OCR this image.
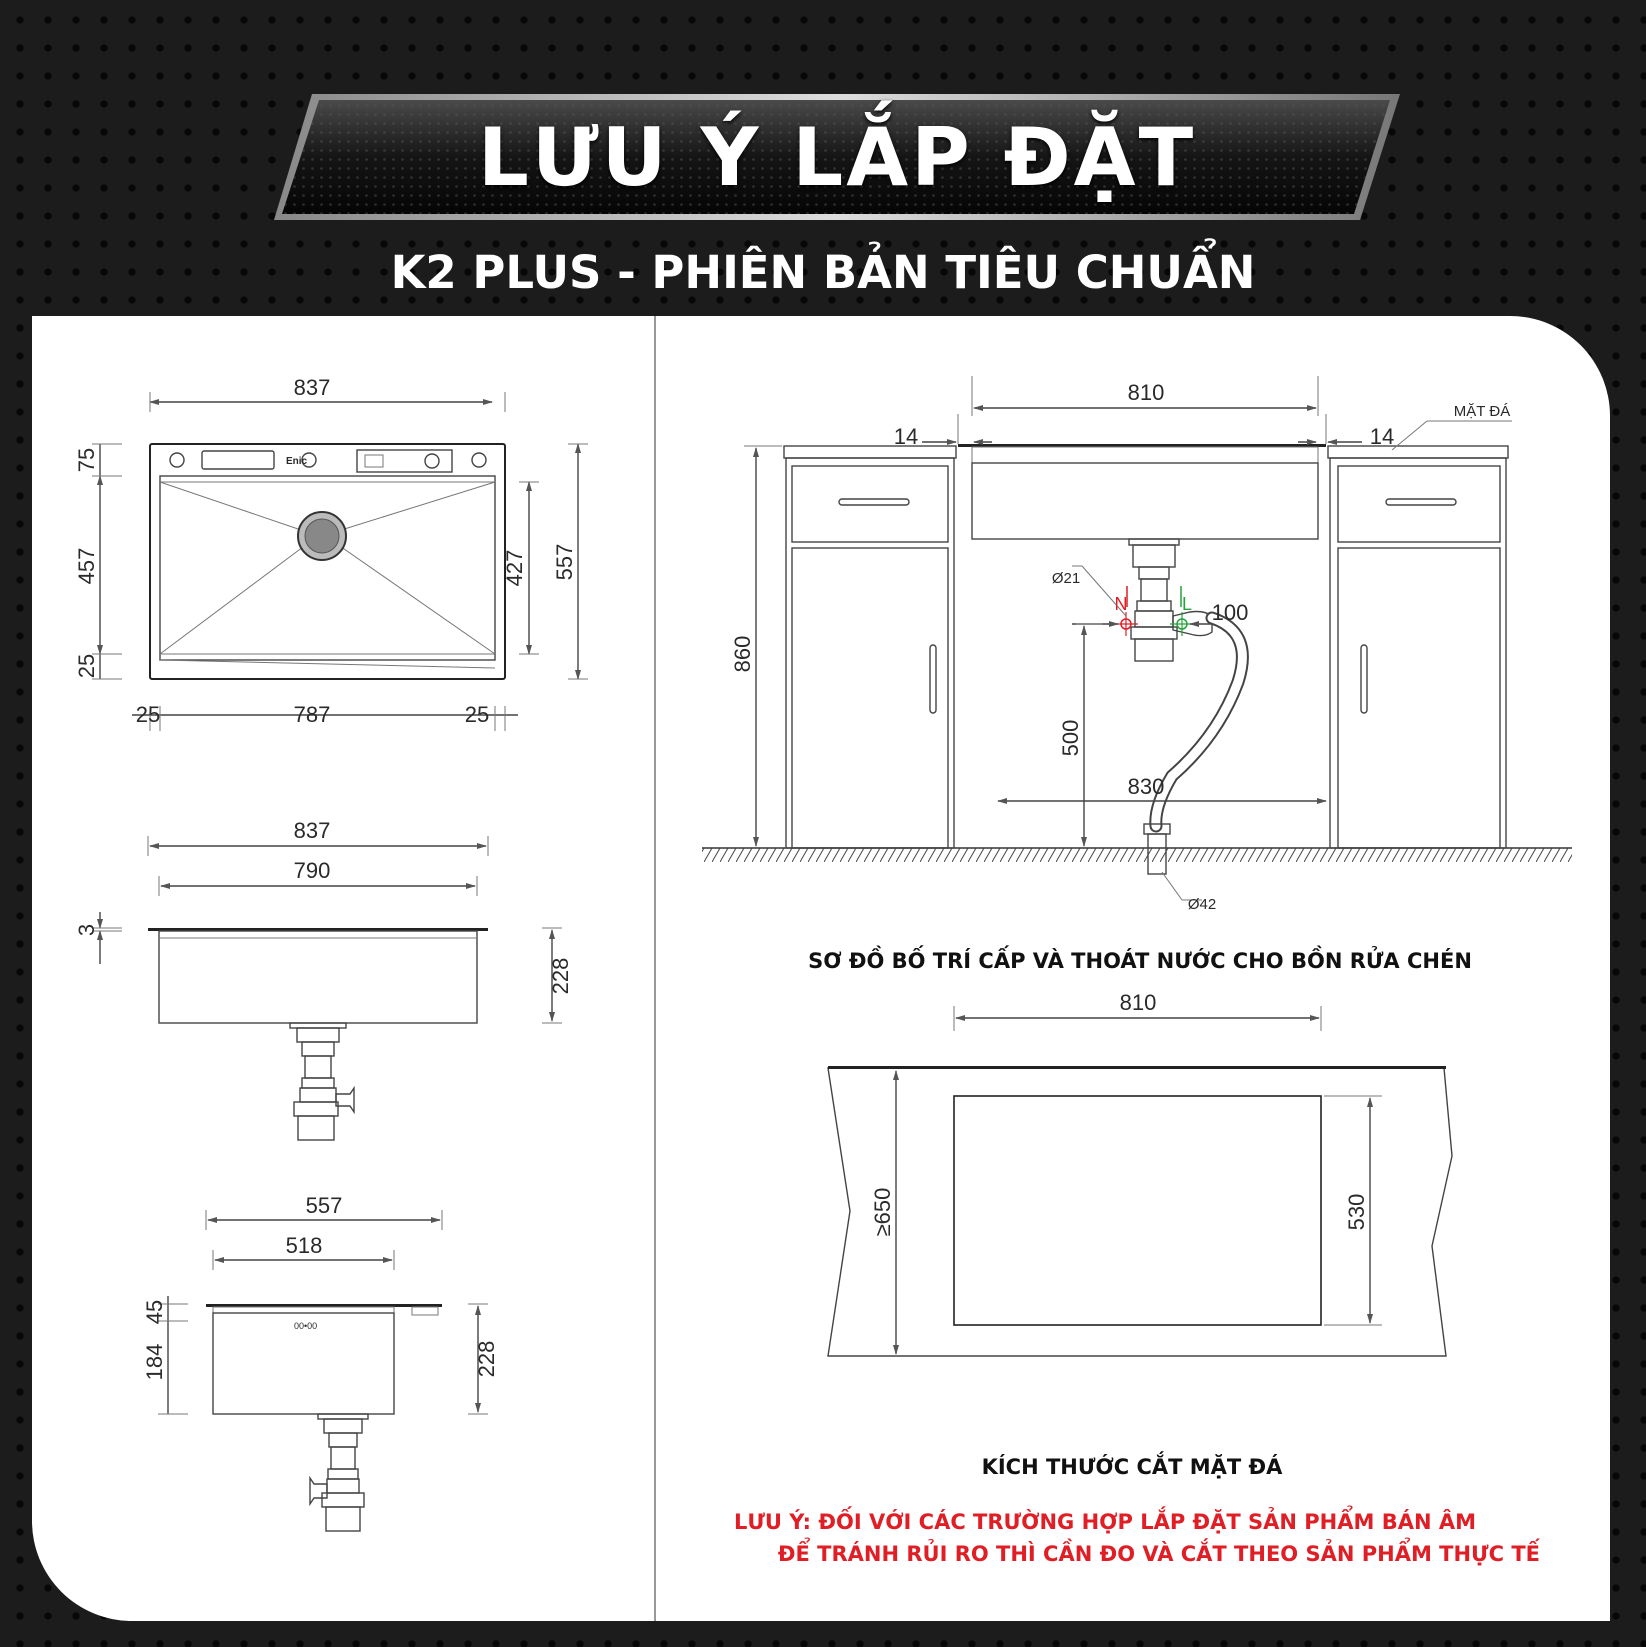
LƯU Ý LẮP ĐẶT
K2 PLUS - PHIÊN BẢN TIÊU CHUẨN
Enic
837
787
25	25
75
457
25
427 557
837
790
3
228
00•00
557
518
45
184	228
810
14	14
MẶT ĐÁ
860
Ø21
N	L 100
500
830
Ø42
SƠ ĐỒ BỐ TRÍ CẤP VÀ THOÁT NƯỚC CHO BỒN RỬA CHÉN
810
≥650	530
KÍCH THƯỚC CẮT MẶT ĐÁ
LƯU Ý: ĐỐI VỚI CÁC TRƯỜNG HỢP LẮP ĐẶT SẢN PHẨM BÁN ÂM
ĐỂ TRÁNH RỦI RO THÌ CẦN ĐO VÀ CẮT THEO SẢN PHẨM THỰC TẾ
